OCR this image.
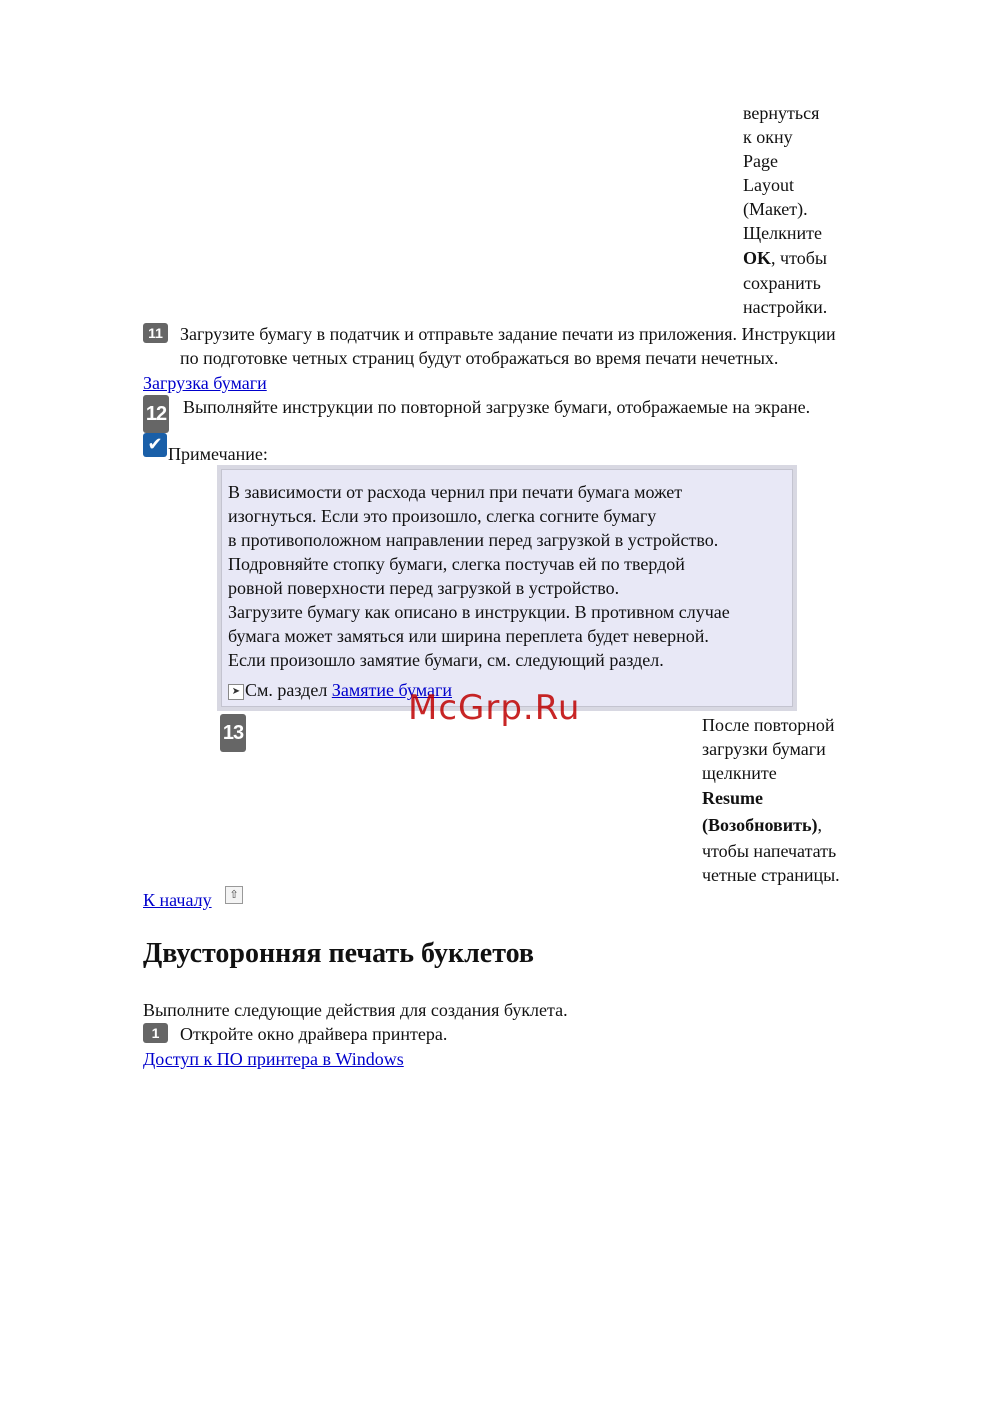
вернуться

к окну

Page

Layout

(Макет).

Щелкните

OK, чтобы

сохранить

настройки.

11 Загрузите бумагу в податчик и отправьте задание печати из приложения. Инструкции

по подготовке четных страниц будут отображаться во время печати нечетных.

Загрузка бумаги
12 Выполняйте инструкции по повторной загрузке бумаги, отображаемые на экране.
✔ Примечание:

В зависимости от расхода чернил при печати бумага может

изогнуться. Если это произошло, слегка согните бумагу

в противоположном направлении перед загрузкой в устройство.

Подровняйте стопку бумаги, слегка постучав ей по твердой

ровной поверхности перед загрузкой в устройство.

Загрузите бумагу как описано в инструкции. В противном случае

бумага может замяться или ширина переплета будет неверной.

Если произошло замятие бумаги, см. следующий раздел.

➤ См. раздел Замятие бумаги

13	После повторной

загрузки бумаги

щелкните

Resume

(Возобновить),

чтобы напечатать

четные страницы.

McGrp.Ru
К началу	⇧
Двусторонняя печать буклетов
Выполните следующие действия для создания буклета.
1	Откройте окно драйвера принтера.
Доступ к ПО принтера в Windows
